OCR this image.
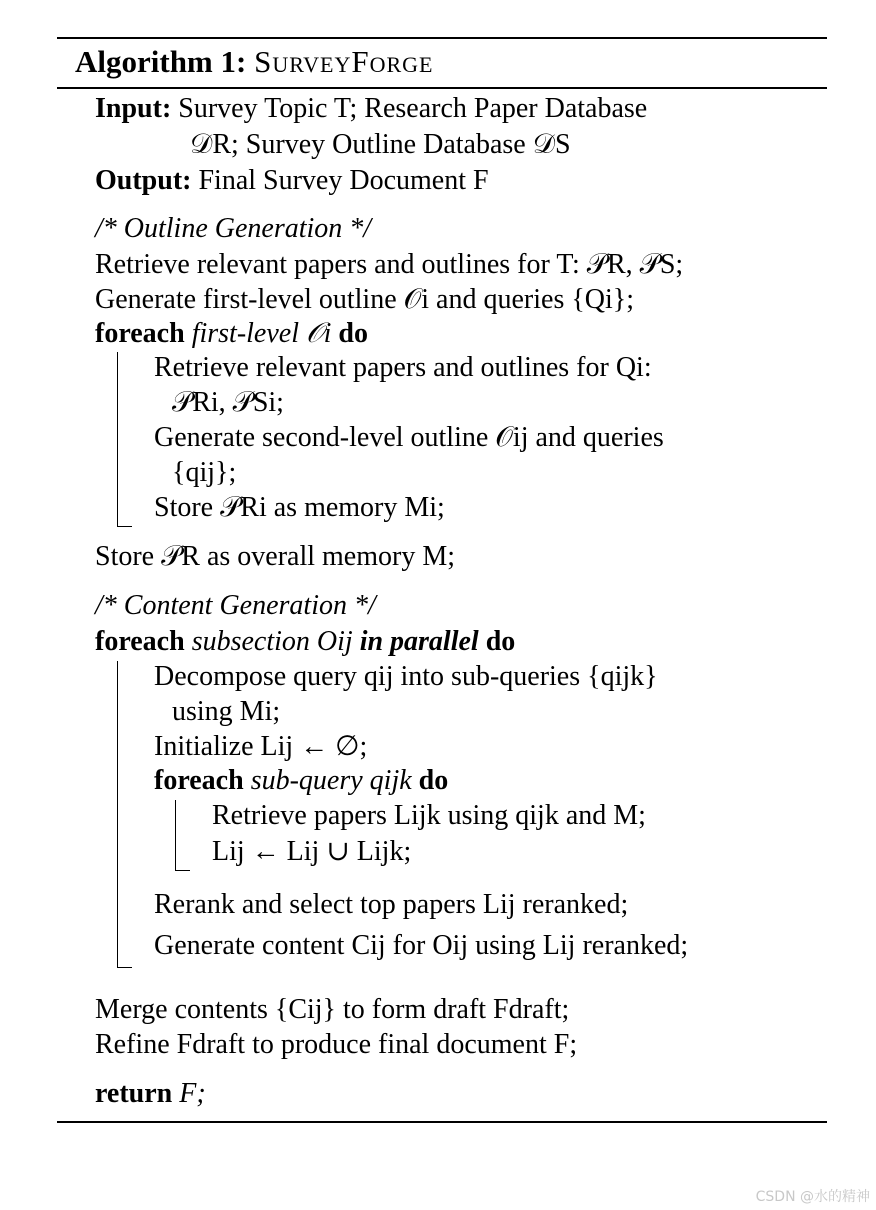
Algorithm 1: SurveyForge
Input: Survey Topic T; Research Paper Database
𝒟R; Survey Outline Database 𝒟S
Output: Final Survey Document F
/* Outline Generation */
Retrieve relevant papers and outlines for T: 𝒫R, 𝒫S;
Generate first-level outline 𝒪i and queries {Qi};
foreach first-level 𝒪i do
Retrieve relevant papers and outlines for Qi:
𝒫Ri, 𝒫Si;
Generate second-level outline 𝒪ij and queries
{qij};
Store 𝒫Ri as memory Mi;
Store 𝒫R as overall memory M;
/* Content Generation */
foreach subsection Oij in parallel do
Decompose query qij into sub-queries {qijk}
using Mi;
Initialize Lij ← ∅;
foreach sub-query qijk do
Retrieve papers Lijk using qijk and M;
Lij ← Lij ∪ Lijk;
Rerank and select top papers Lij reranked;
Generate content Cij for Oij using Lij reranked;
Merge contents {Cij} to form draft Fdraft;
Refine Fdraft to produce final document F;
return F;
CSDN @水的精神
